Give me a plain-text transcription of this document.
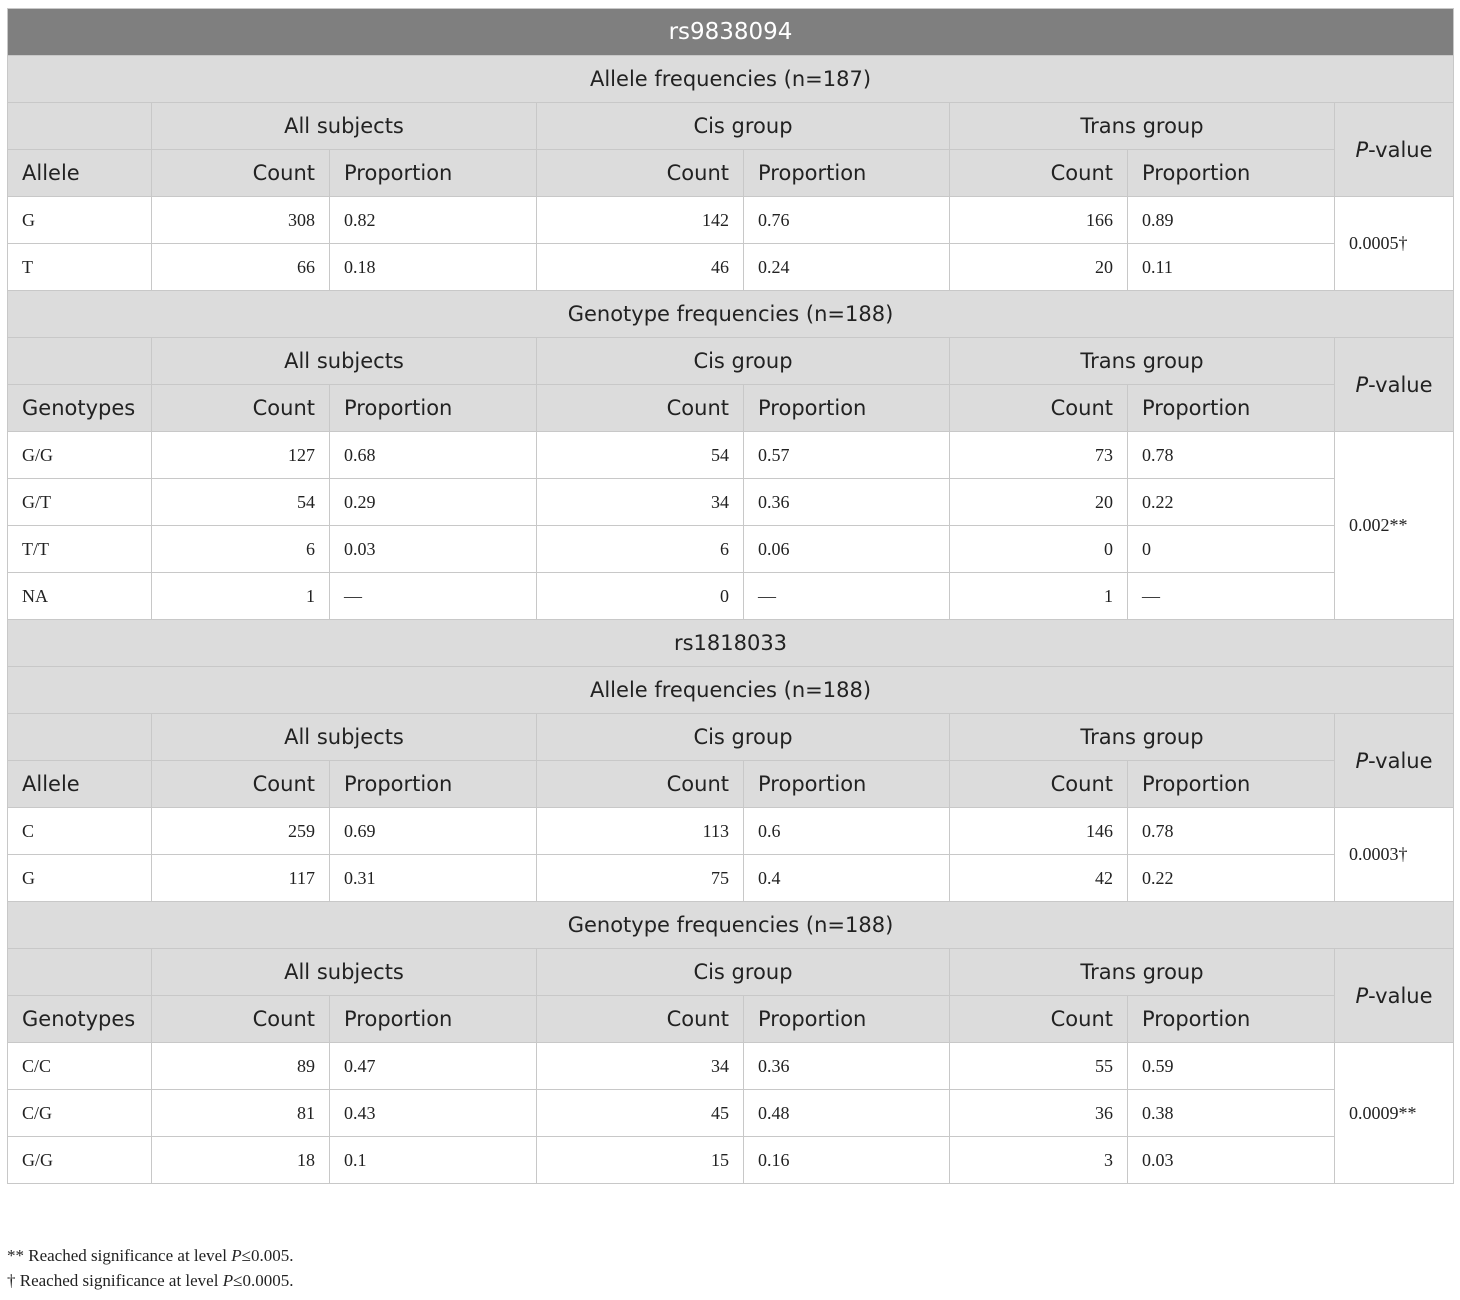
rs9838094							
Allele frequencies (n=187)							
	All subjects		Cis group		Trans group		P-value
Allele	Count	Proportion	Count	Proportion	Count	Proportion	
G	308	0.82	142	0.76	166	0.89	0.0005†
T	66	0.18	46	0.24	20	0.11	
Genotype frequencies (n=188)							
	All subjects		Cis group		Trans group		P-value
Genotypes	Count	Proportion	Count	Proportion	Count	Proportion	
G/G	127	0.68	54	0.57	73	0.78	0.002**
G/T	54	0.29	34	0.36	20	0.22	
T/T	6	0.03	6	0.06	0	0	
NA	1	—	0	—	1	—	
rs1818033							
Allele frequencies (n=188)							
	All subjects		Cis group		Trans group		P-value
Allele	Count	Proportion	Count	Proportion	Count	Proportion	
C	259	0.69	113	0.6	146	0.78	0.0003†
G	117	0.31	75	0.4	42	0.22	
Genotype frequencies (n=188)							
	All subjects		Cis group		Trans group		P-value
Genotypes	Count	Proportion	Count	Proportion	Count	Proportion	
C/C	89	0.47	34	0.36	55	0.59	0.0009**
C/G	81	0.43	45	0.48	36	0.38	
G/G	18	0.1	15	0.16	3	0.03	
** Reached significance at level P≤0.005.
† Reached significance at level P≤0.0005.
